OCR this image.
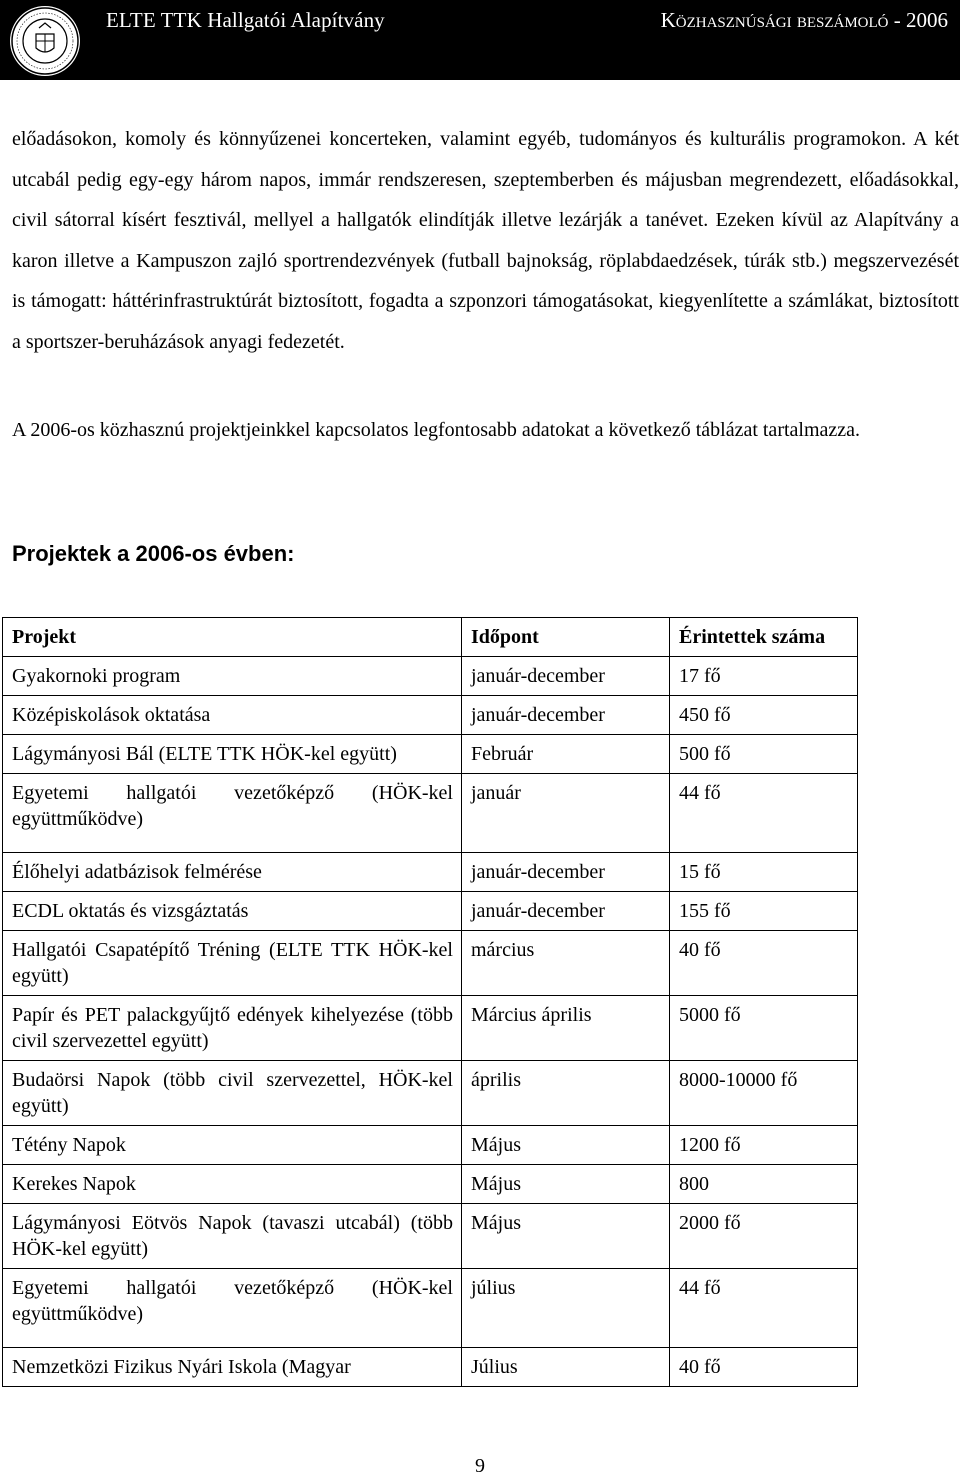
ELTE TTK Hallgatói Alapítvány	Közhasznúsági beszámoló - 2006

előadásokon, komoly és könnyűzenei koncerteken, valamint egyéb, tudományos és kulturális programokon. A két utcabál pedig egy-egy három napos, immár rendszeresen, szeptemberben és májusban megrendezett, előadásokkal, civil sátorral kísért fesztivál, mellyel a hallgatók elindítják illetve lezárják a tanévet. Ezeken kívül az Alapítvány a karon illetve a Kampuszon zajló sportrendezvények (futball bajnokság, röplabdaedzések, túrák stb.) megszervezését is támogatt: háttérinfrastruktúrát biztosított, fogadta a szponzori támogatásokat, kiegyenlítette a számlákat, biztosított a sportszer-beruházások anyagi fedezetét.

A 2006-os közhasznú projektjeinkkel kapcsolatos legfontosabb adatokat a következő táblázat tartalmazza.

Projektek a 2006-os évben:
Projekt	Időpont	Érintettek száma
Gyakornoki program	január-december	17 fő
Középiskolások oktatása	január-december	450 fő
Lágymányosi Bál (ELTE TTK HÖK-kel együtt)	Február	500 fő
Egyetemi hallgatói vezetőképző (HÖK-kel együttműködve)	január	44 fő
Élőhelyi adatbázisok felmérése	január-december	15 fő
ECDL oktatás és vizsgáztatás	január-december	155 fő
Hallgatói Csapatépítő Tréning (ELTE TTK HÖK-kel együtt)	március	40 fő
Papír és PET palackgyűjtő edények kihelyezése (több civil szervezettel együtt)	Március április	5000 fő
Budaörsi Napok (több civil szervezettel, HÖK-kel együtt)	április	8000-10000 fő
Tétény Napok	Május	1200 fő
Kerekes Napok	Május	800
Lágymányosi Eötvös Napok (tavaszi utcabál) (több HÖK-kel együtt)	Május	2000 fő
Egyetemi hallgatói vezetőképző (HÖK-kel együttműködve)	július	44 fő
Nemzetközi Fizikus Nyári Iskola (Magyar	Július	40 fő
9
